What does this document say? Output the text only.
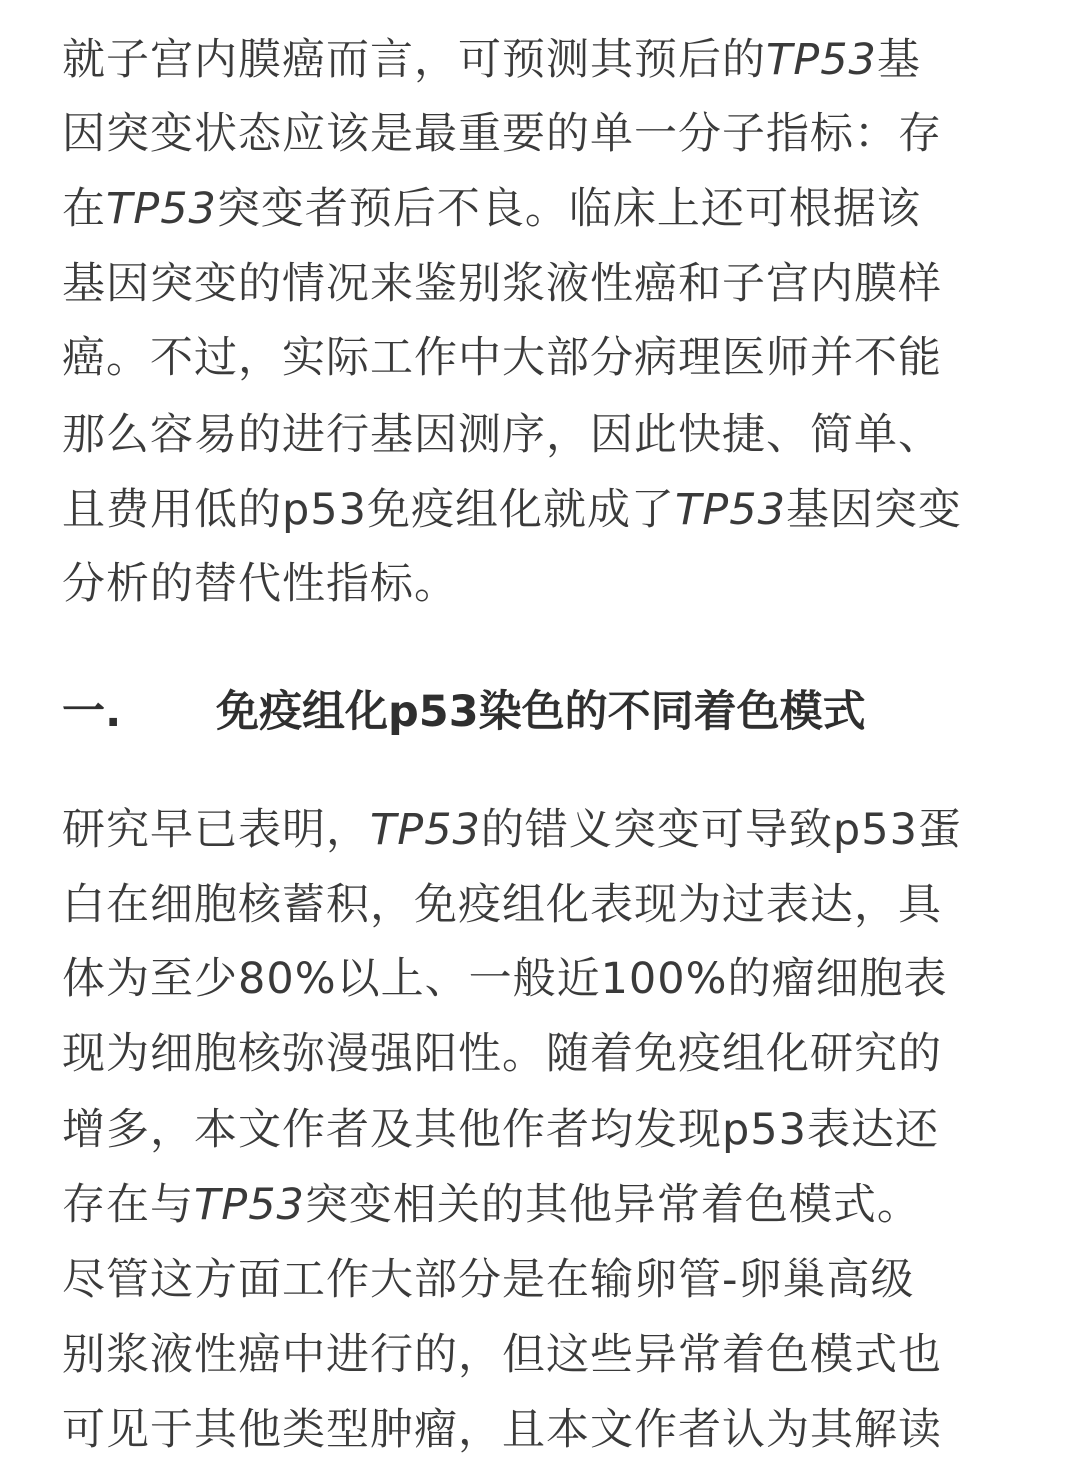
就子宫内膜癌而言，可预测其预后的TP53基
因突变状态应该是最重要的单一分子指标：存
在TP53突变者预后不良。临床上还可根据该
基因突变的情况来鉴别浆液性癌和子宫内膜样
癌。不过，实际工作中大部分病理医师并不能
那么容易的进行基因测序，因此快捷、简单、
且费用低的p53免疫组化就成了TP53基因突变
分析的替代性指标。
一. 免疫组化p53染色的不同着色模式
研究早已表明，TP53的错义突变可导致p53蛋
白在细胞核蓄积，免疫组化表现为过表达，具
体为至少80%以上、一般近100%的瘤细胞表
现为细胞核弥漫强阳性。随着免疫组化研究的
增多，本文作者及其他作者均发现p53表达还
存在与TP53突变相关的其他异常着色模式。
尽管这方面工作大部分是在输卵管-卵巢高级
别浆液性癌中进行的，但这些异常着色模式也
可见于其他类型肿瘤，且本文作者认为其解读
